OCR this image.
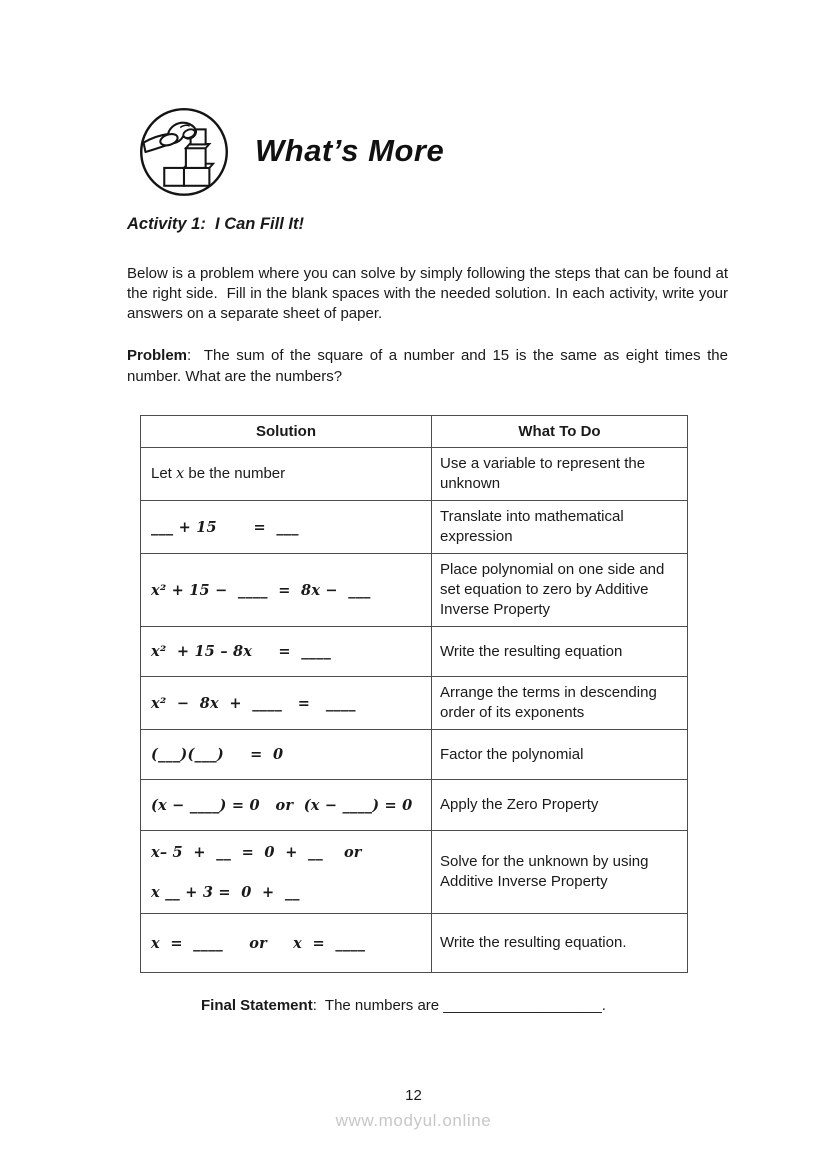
What’s More
Activity 1:  I Can Fill It!

Below is a problem where you can solve by simply following the steps that can be found at  the right side.  Fill in the blank spaces with the needed solution. In each activity, write your answers on a separate sheet of paper.

Problem:  The sum of the square of a number and 15 is the same as eight times the number. What are the numbers?

Solution	What To Do

Let x be the number	Use a variable to represent the unknown

___ + 15       =  ___	Translate into mathematical expression

x² + 15 −  ____  =  8x −  ___	Place polynomial on one side and set equation to zero by Additive Inverse Property

x²  + 15 – 8x     =  ____	Write the resulting equation

x²  −  8x  +  ____   =   ____	Arrange the terms in descending order of its exponents

(___)(___)     =  0	Factor the polynomial

(x − ____) = 0   or  (x − ____) = 0	Apply the Zero Property

x– 5  +  __  =  0  +  __    or
x __ + 3 =  0  +  __	Solve for the unknown by using Additive Inverse Property

x  =  ____     or     x  =  ____	Write the resulting equation.

Final Statement:  The numbers are ___________________.

12
www.modyul.online
